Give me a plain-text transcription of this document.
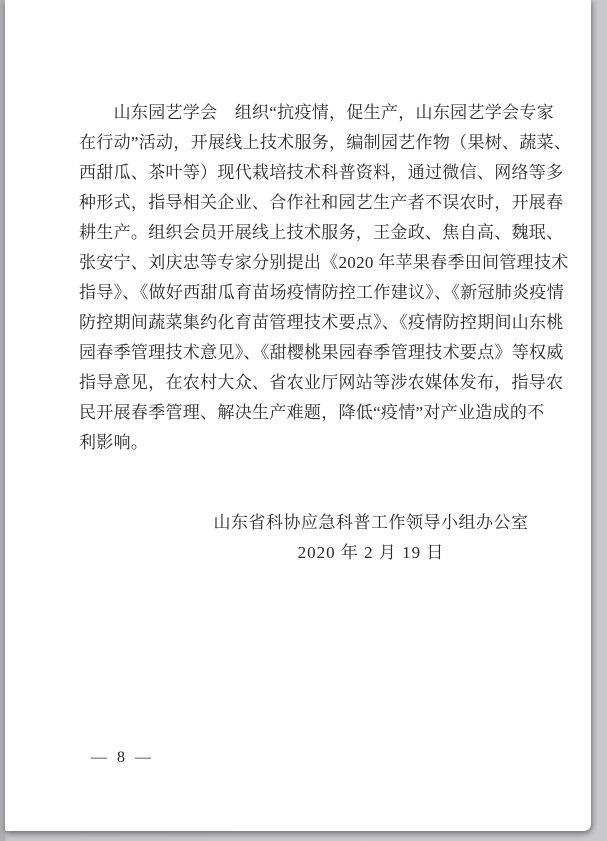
　　山东园艺学会　组织“抗疫情，促生产，山东园艺学会专家

在行动”活动，开展线上技术服务，编制园艺作物（果树、蔬菜、

西甜瓜、茶叶等）现代栽培技术科普资料，通过微信、网络等多

种形式，指导相关企业、合作社和园艺生产者不误农时，开展春

耕生产。组织会员开展线上技术服务，王金政、焦自高、魏珉、

张安宁、刘庆忠等专家分别提出《2020 年苹果春季田间管理技术

指导》、《做好西甜瓜育苗场疫情防控工作建议》、《新冠肺炎疫情

防控期间蔬菜集约化育苗管理技术要点》、《疫情防控期间山东桃

园春季管理技术意见》、《甜樱桃果园春季管理技术要点》等权威

指导意见，在农村大众、省农业厅网站等涉农媒体发布，指导农

民开展春季管理、解决生产难题，降低“疫情”对产业造成的不

利影响。

山东省科协应急科普工作领导小组办公室
2020 年 2 月 19 日
— 8 —
